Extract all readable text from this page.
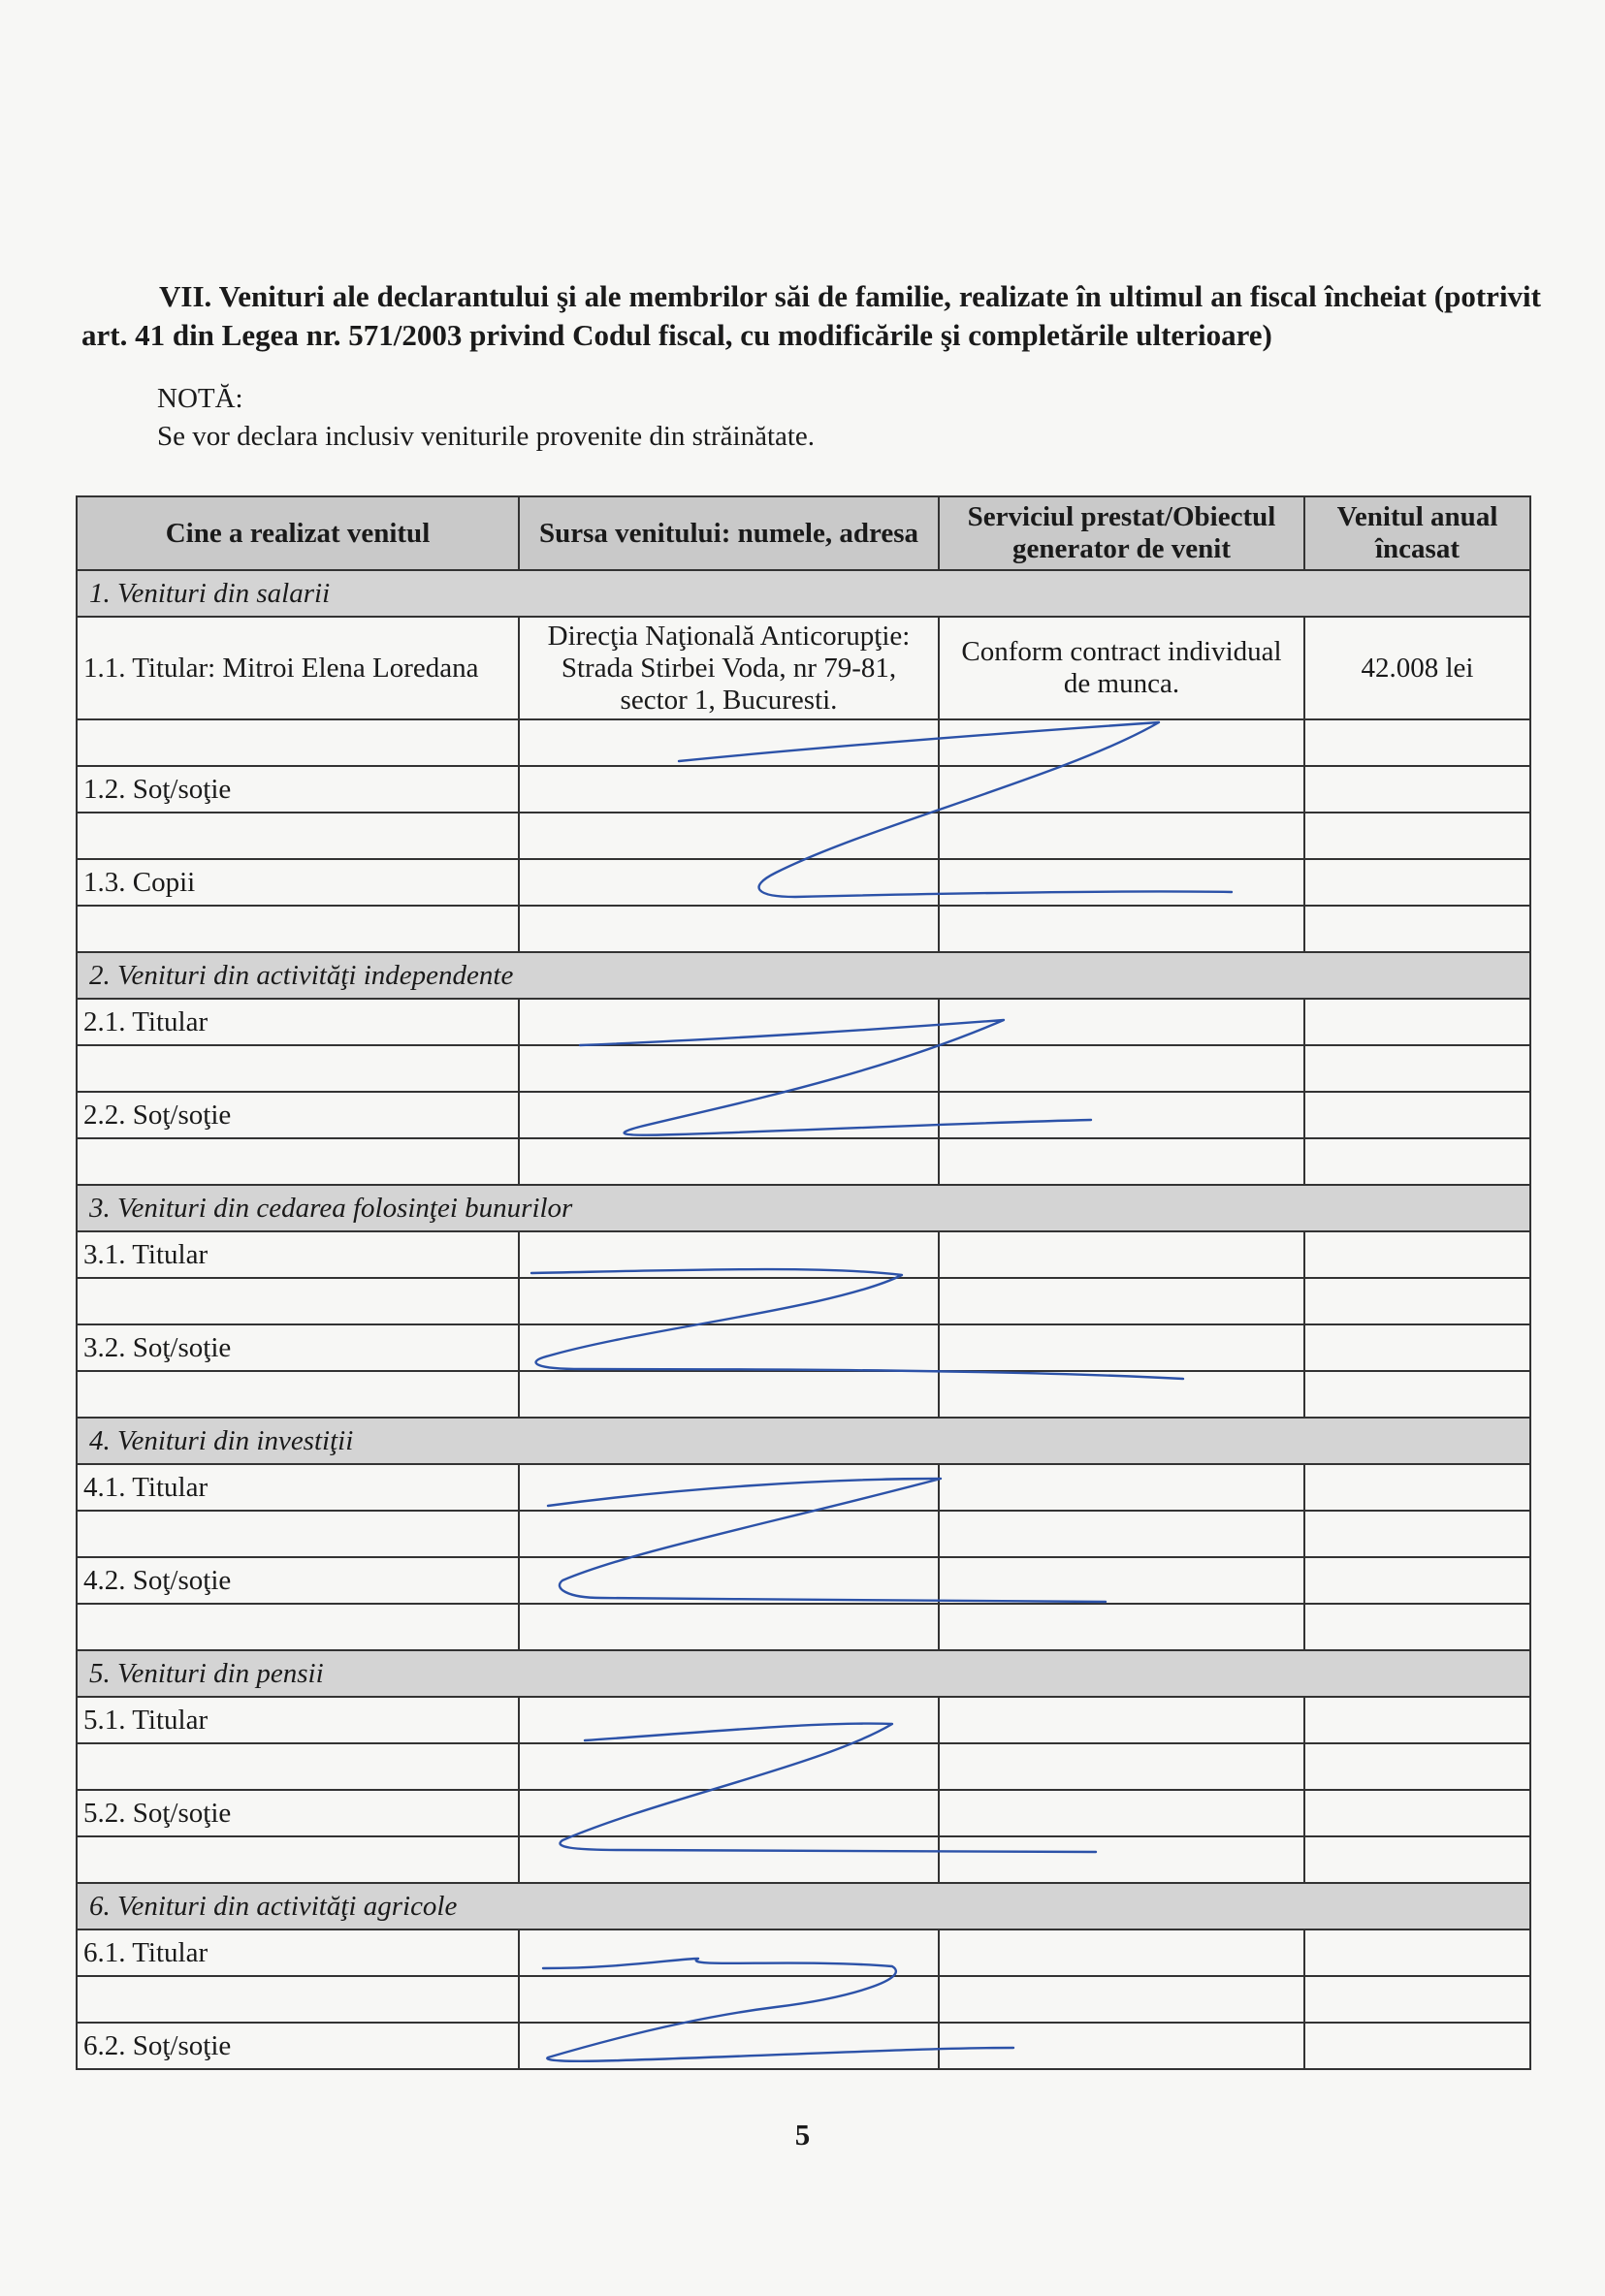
VII. Venituri ale declarantului şi ale membrilor săi de familie, realizate în ultimul an fiscal încheiat (potrivit art. 41 din Legea nr. 571/2003 privind Codul fiscal, cu modificările şi completările ulterioare)
NOTĂ:
Se vor declara inclusiv veniturile provenite din străinătate.
Cine a realizat venitul	Sursa venitului: numele, adresa	Serviciul prestat/Obiectul generator de venit	Venitul anual încasat
1. Venituri din salarii			
1.1. Titular: Mitroi Elena Loredana	Direcţia Naţională Anticorupţie: Strada Stirbei Voda, nr 79-81, sector 1, Bucuresti.	Conform contract individual de munca.	42.008 lei

1.2. Soţ/soţie			

1.3. Copii			

2. Venituri din activităţi independente			
2.1. Titular			

2.2. Soţ/soţie			

3. Venituri din cedarea folosinţei bunurilor			
3.1. Titular			

3.2. Soţ/soţie			

4. Venituri din investiţii			
4.1. Titular			

4.2. Soţ/soţie			

5. Venituri din pensii			
5.1. Titular			

5.2. Soţ/soţie			

6. Venituri din activităţi agricole			
6.1. Titular			

6.2. Soţ/soţie			
5
